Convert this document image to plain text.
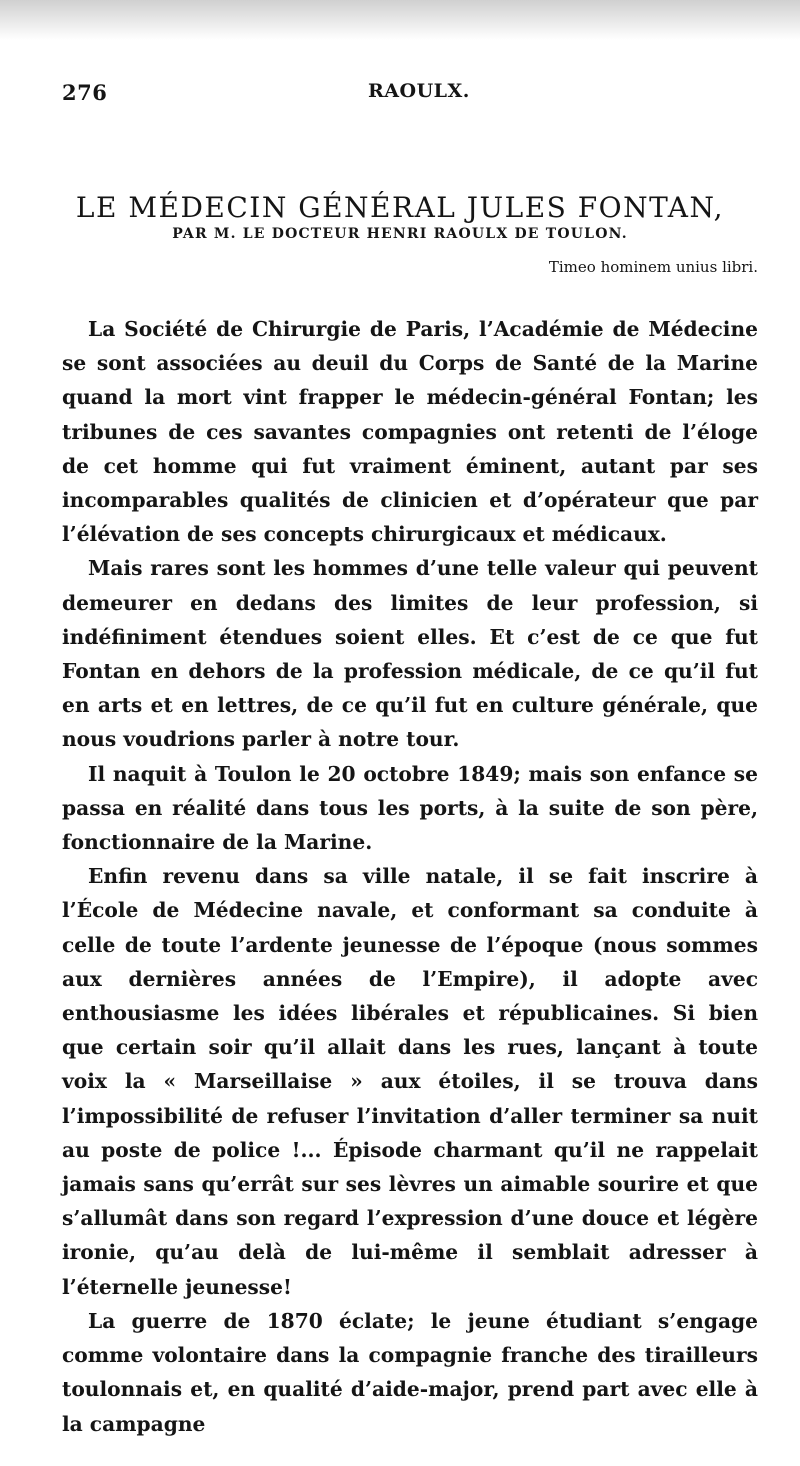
276	RAOULX.
LE MÉDECIN GÉNÉRAL JULES FONTAN,
PAR M. LE DOCTEUR HENRI RAOULX DE TOULON.
Timeo hominem unius libri.

La Société de Chirurgie de Paris, l’Académie de Médecine se sont associées au deuil du Corps de Santé de la Marine quand la mort vint frapper le médecin-général Fontan; les tribunes de ces savantes compagnies ont retenti de l’éloge de cet homme qui fut vraiment éminent, autant par ses incomparables qualités de clinicien et d’opérateur que par l’élévation de ses concepts chirurgicaux et médicaux.

Mais rares sont les hommes d’une telle valeur qui peuvent demeurer en dedans des limites de leur profession, si indéfiniment étendues soient elles. Et c’est de ce que fut Fontan en dehors de la profession médicale, de ce qu’il fut en arts et en lettres, de ce qu’il fut en culture générale, que nous voudrions parler à notre tour.

Il naquit à Toulon le 20 octobre 1849; mais son enfance se passa en réalité dans tous les ports, à la suite de son père, fonctionnaire de la Marine.

Enfin revenu dans sa ville natale, il se fait inscrire à l’École de Médecine navale, et conformant sa conduite à celle de toute l’ardente jeunesse de l’époque (nous sommes aux dernières années de l’Empire), il adopte avec enthousiasme les idées libérales et républicaines. Si bien que certain soir qu’il allait dans les rues, lançant à toute voix la « Marseillaise » aux étoiles, il se trouva dans l’impossibilité de refuser l’invitation d’aller terminer sa nuit au poste de police !... Épisode charmant qu’il ne rappelait jamais sans qu’errât sur ses lèvres un aimable sourire et que s’allumât dans son regard l’expression d’une douce et légère ironie, qu’au delà de lui-même il semblait adresser à l’éternelle jeunesse!

La guerre de 1870 éclate; le jeune étudiant s’engage comme volontaire dans la compagnie franche des tirailleurs toulonnais et, en qualité d’aide-major, prend part avec elle à la campagne
